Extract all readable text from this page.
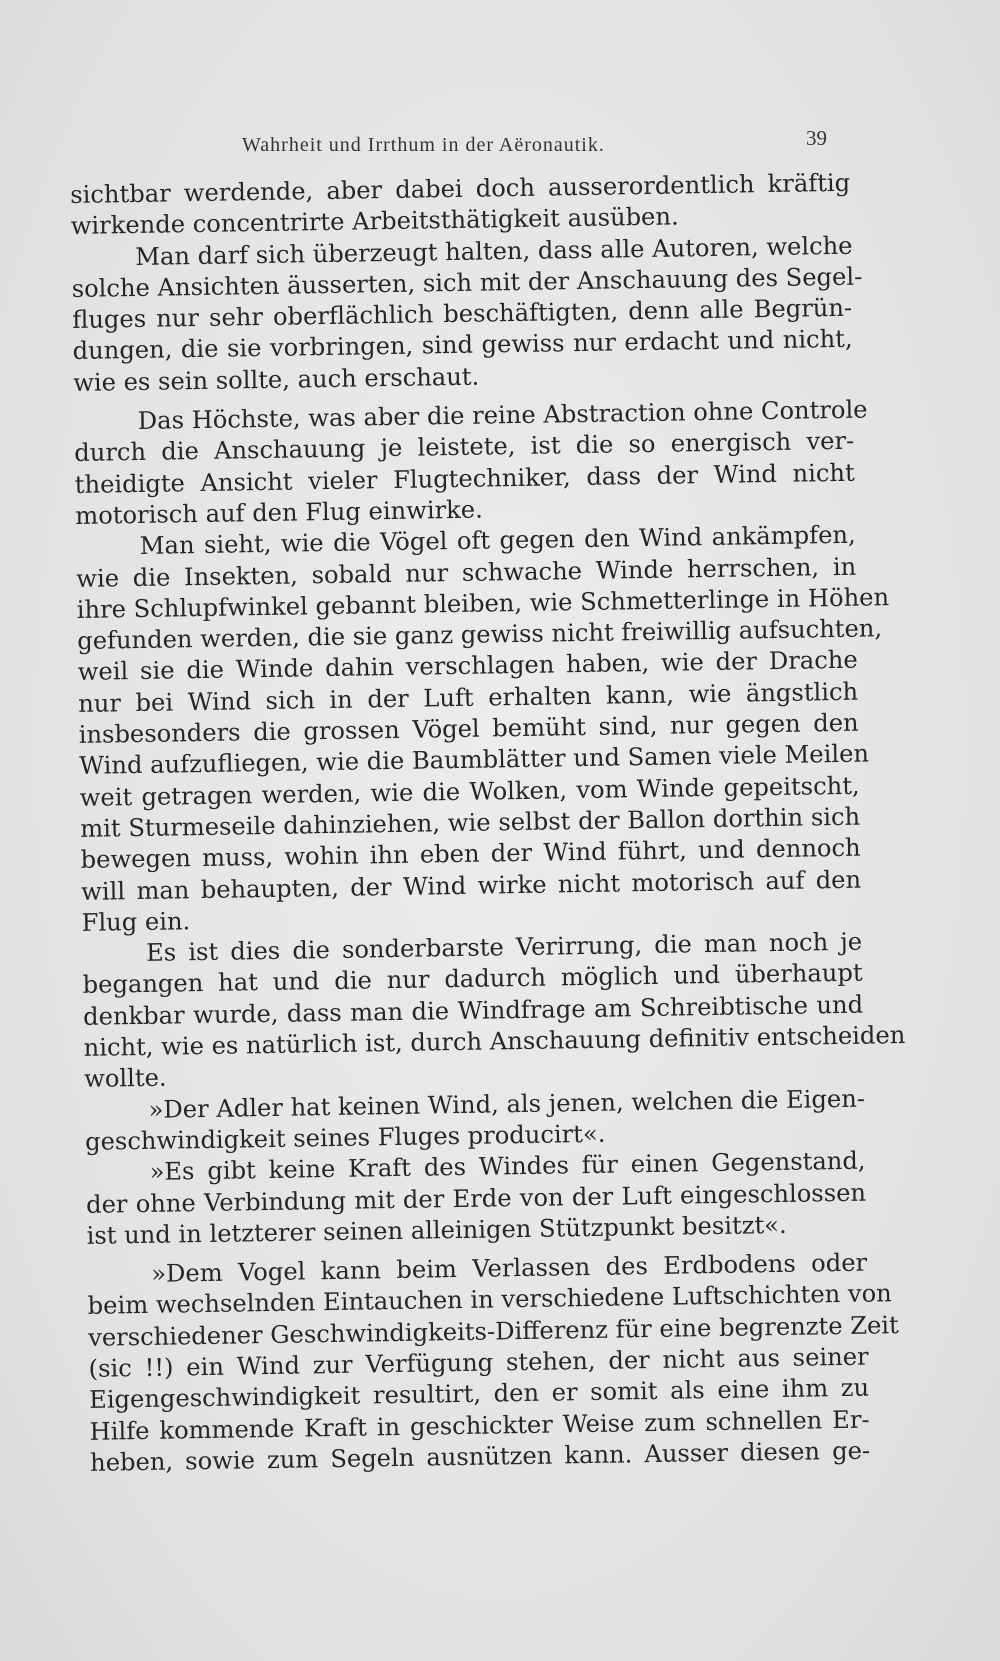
Wahrheit und Irrthum in der Aëronautik.	39
sichtbar werdende, aber dabei doch ausserordentlich kräftig
wirkende concentrirte Arbeitsthätigkeit ausüben.
Man darf sich überzeugt halten, dass alle Autoren, welche
solche Ansichten äusserten, sich mit der Anschauung des Segel-
fluges nur sehr oberflächlich beschäftigten, denn alle Begrün-
dungen, die sie vorbringen, sind gewiss nur erdacht und nicht,
wie es sein sollte, auch erschaut.
Das Höchste, was aber die reine Abstraction ohne Controle
durch die Anschauung je leistete, ist die so energisch ver-
theidigte Ansicht vieler Flugtechniker, dass der Wind nicht
motorisch auf den Flug einwirke.
Man sieht, wie die Vögel oft gegen den Wind ankämpfen,
wie die Insekten, sobald nur schwache Winde herrschen, in
ihre Schlupfwinkel gebannt bleiben, wie Schmetterlinge in Höhen
gefunden werden, die sie ganz gewiss nicht freiwillig aufsuchten,
weil sie die Winde dahin verschlagen haben, wie der Drache
nur bei Wind sich in der Luft erhalten kann, wie ängstlich
insbesonders die grossen Vögel bemüht sind, nur gegen den
Wind aufzufliegen, wie die Baumblätter und Samen viele Meilen
weit getragen werden, wie die Wolken, vom Winde gepeitscht,
mit Sturmeseile dahinziehen, wie selbst der Ballon dorthin sich
bewegen muss, wohin ihn eben der Wind führt, und dennoch
will man behaupten, der Wind wirke nicht motorisch auf den
Flug ein.
Es ist dies die sonderbarste Verirrung, die man noch je
begangen hat und die nur dadurch möglich und überhaupt
denkbar wurde, dass man die Windfrage am Schreibtische und
nicht, wie es natürlich ist, durch Anschauung definitiv entscheiden
wollte.
»Der Adler hat keinen Wind, als jenen, welchen die Eigen-
geschwindigkeit seines Fluges producirt«.
»Es gibt keine Kraft des Windes für einen Gegenstand,
der ohne Verbindung mit der Erde von der Luft eingeschlossen
ist und in letzterer seinen alleinigen Stützpunkt besitzt«.
»Dem Vogel kann beim Verlassen des Erdbodens oder
beim wechselnden Eintauchen in verschiedene Luftschichten von
verschiedener Geschwindigkeits-Differenz für eine begrenzte Zeit
(sic !!) ein Wind zur Verfügung stehen, der nicht aus seiner
Eigengeschwindigkeit resultirt, den er somit als eine ihm zu
Hilfe kommende Kraft in geschickter Weise zum schnellen Er-
heben, sowie zum Segeln ausnützen kann. Ausser diesen ge-
